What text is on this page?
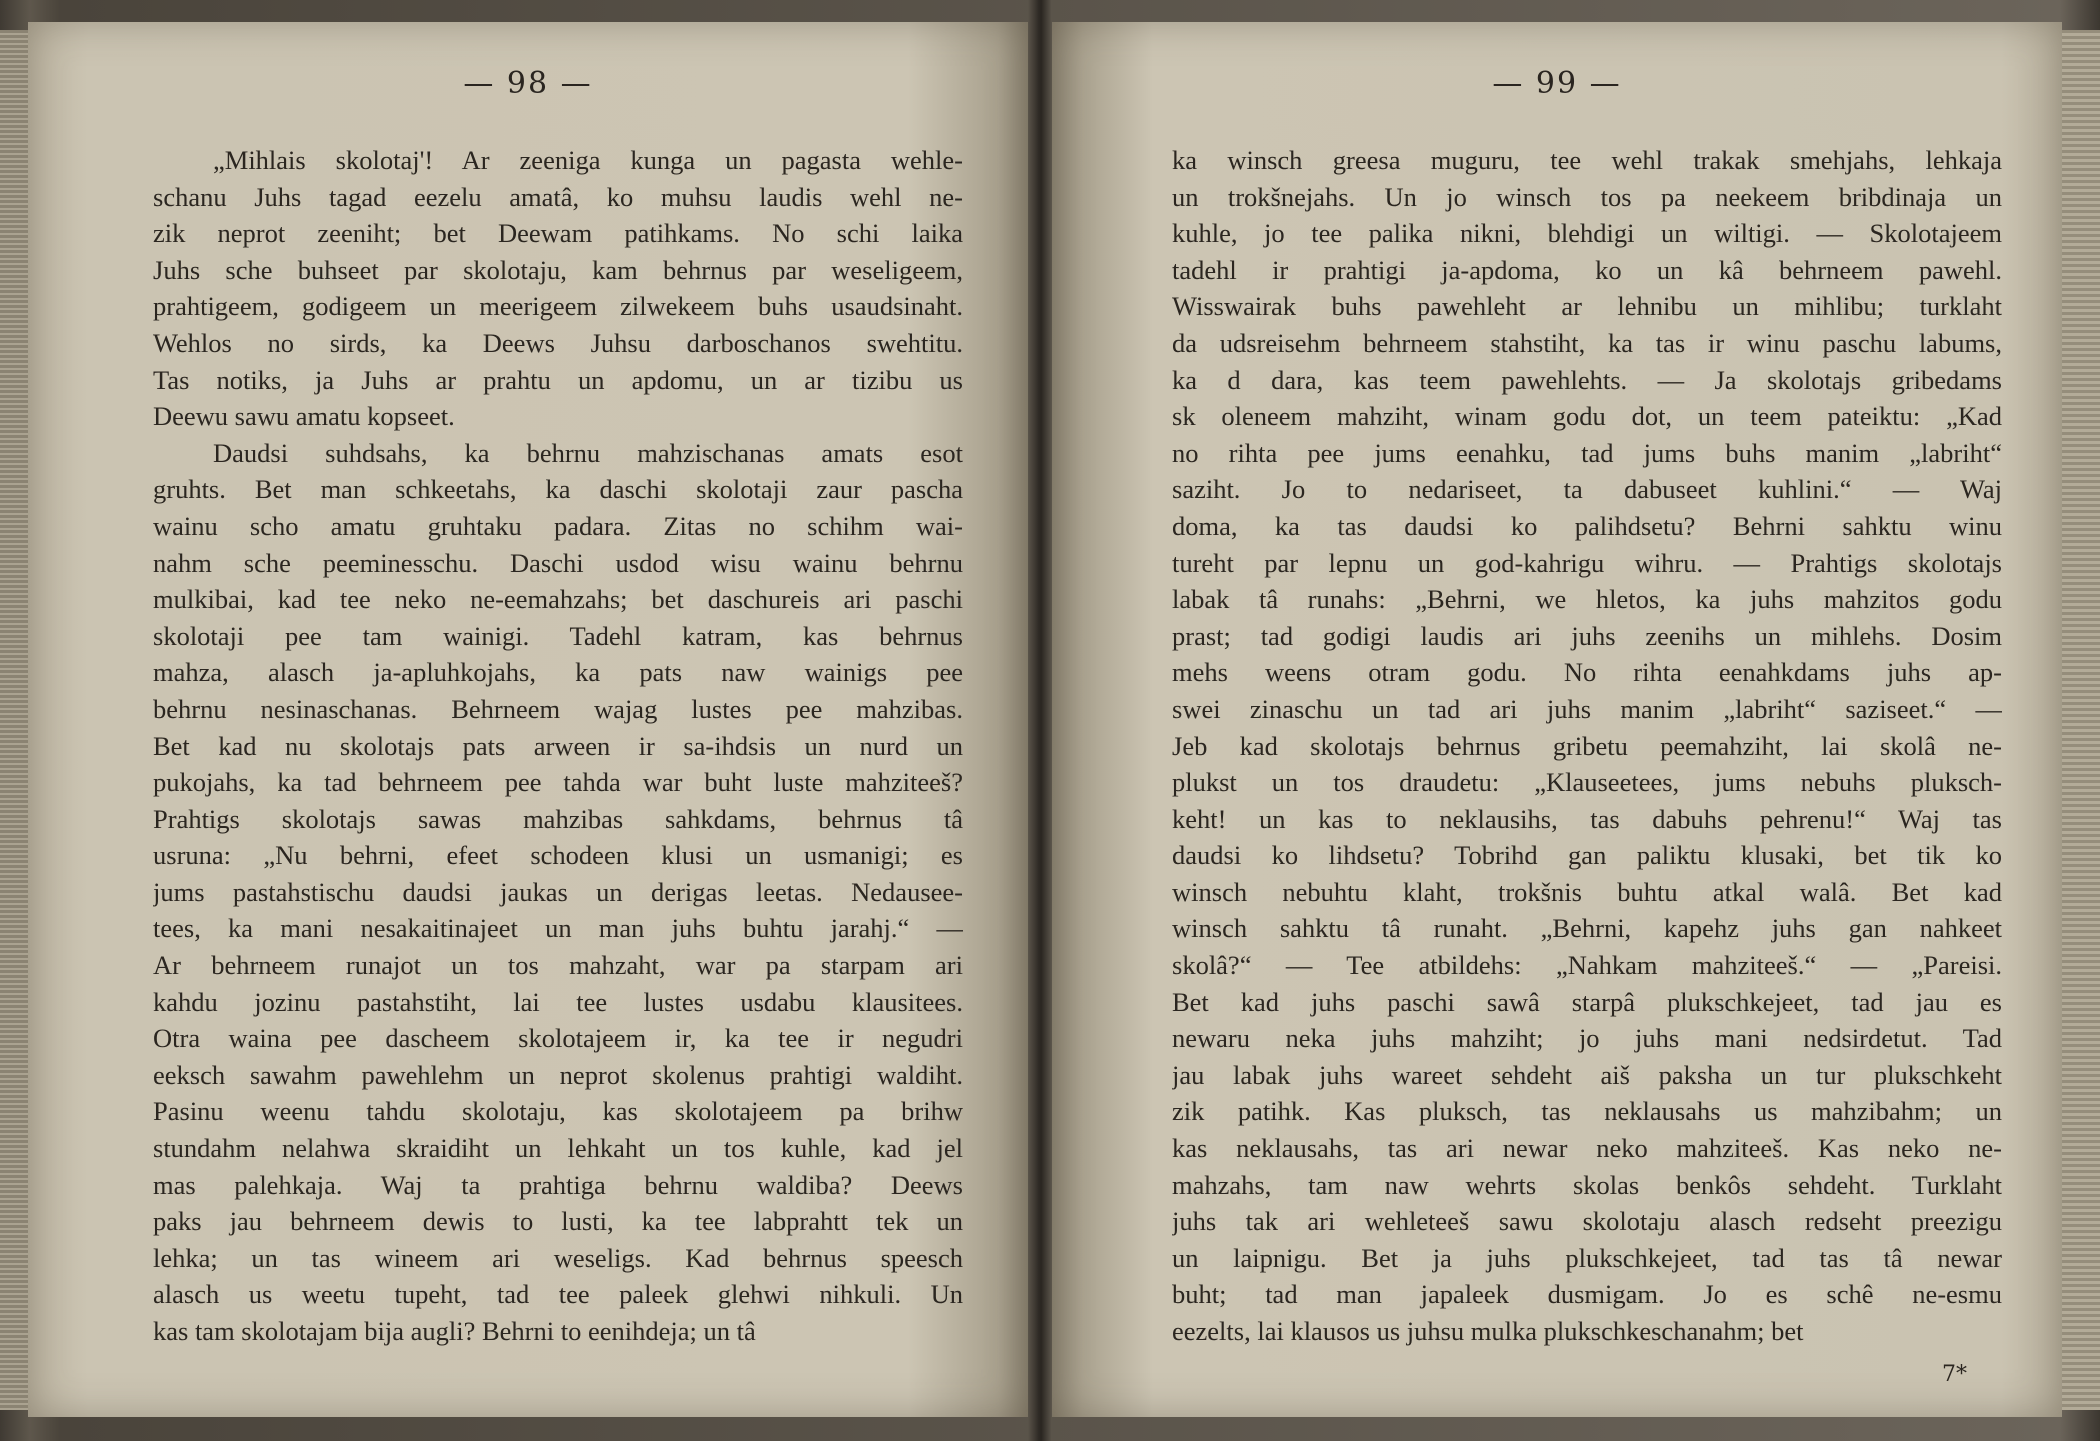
— 98 —
„Mihlais skolotaj'! Ar zeeniga kunga un pagasta wehle-
schanu Juhs tagad eezelu amatâ, ko muhsu laudis wehl ne-
zik neprot zeeniht; bet Deewam patihkams. No schi laika
Juhs sche buhseet par skolotaju, kam behrnus par weseligeem,
prahtigeem, godigeem un meerigeem zilwekeem buhs usaudsinaht.
Wehlos no sirds, ka Deews Juhsu darboschanos swehtitu.
Tas notiks, ja Juhs ar prahtu un apdomu, un ar tizibu us
Deewu sawu amatu kopseet.
Daudsi suhdsahs, ka behrnu mahzischanas amats esot
gruhts. Bet man schkeetahs, ka daschi skolotaji zaur pascha
wainu scho amatu gruhtaku padara. Zitas no schihm wai-
nahm sche peeminesschu. Daschi usdod wisu wainu behrnu
mulkibai, kad tee neko ne-eemahzahs; bet daschureis ari paschi
skolotaji pee tam wainigi. Tadehl katram, kas behrnus
mahza, alasch ja-apluhkojahs, ka pats naw wainigs pee
behrnu nesinaschanas. Behrneem wajag lustes pee mahzibas.
Bet kad nu skolotajs pats arween ir sa-ihdsis un nurd un
pukojahs, ka tad behrneem pee tahda war buht luste mahziteeš?
Prahtigs skolotajs sawas mahzibas sahkdams, behrnus tâ
usruna: „Nu behrni, efeet schodeen klusi un usmanigi; es
jums pastahstischu daudsi jaukas un derigas leetas. Nedausee-
tees, ka mani nesakaitinajeet un man juhs buhtu jarahj.“ —
Ar behrneem runajot un tos mahzaht, war pa starpam ari
kahdu jozinu pastahstiht, lai tee lustes usdabu klausitees.
Otra waina pee dascheem skolotajeem ir, ka tee ir negudri
eeksch sawahm pawehlehm un neprot skolenus prahtigi waldiht.
Pasinu weenu tahdu skolotaju, kas skolotajeem pa brihw
stundahm nelahwa skraidiht un lehkaht un tos kuhle, kad jel
mas palehkaja. Waj ta prahtiga behrnu waldiba? Deews
paks jau behrneem dewis to lusti, ka tee labprahtt tek un
lehka; un tas wineem ari weseligs. Kad behrnus speesch
alasch us weetu tupeht, tad tee paleek glehwi nihkuli. Un
kas tam skolotajam bija augli? Behrni to eenihdeja; un tâ
— 99 —
ka winsch greesa muguru, tee wehl trakak smehjahs, lehkaja
un trokšnejahs. Un jo winsch tos pa neekeem bribdinaja un
kuhle, jo tee palika nikni, blehdigi un wiltigi. — Skolotajeem
tadehl ir prahtigi ja-apdoma, ko un kâ behrneem pawehl.
Wisswairak buhs pawehleht ar lehnibu un mihlibu; turklaht
da udsreisehm behrneem stahstiht, ka tas ir winu paschu labums,
ka d dara, kas teem pawehlehts. — Ja skolotajs gribedams
sk oleneem mahziht, winam godu dot, un teem pateiktu: „Kad
no rihta pee jums eenahku, tad jums buhs manim „labriht“
saziht. Jo to nedariseet, ta dabuseet kuhlini.“ — Waj
doma, ka tas daudsi ko palihdsetu? Behrni sahktu winu
tureht par lepnu un god-kahrigu wihru. — Prahtigs skolotajs
labak tâ runahs: „Behrni, we hletos, ka juhs mahzitos godu
prast; tad godigi laudis ari juhs zeenihs un mihlehs. Dosim
mehs weens otram godu. No rihta eenahkdams juhs ap-
swei zinaschu un tad ari juhs manim „labriht“ saziseet.“ —
Jeb kad skolotajs behrnus gribetu peemahziht, lai skolâ ne-
plukst un tos draudetu: „Klauseetees, jums nebuhs pluksch-
keht! un kas to neklausihs, tas dabuhs pehrenu!“ Waj tas
daudsi ko lihdsetu? Tobrihd gan paliktu klusaki, bet tik ko
winsch nebuhtu klaht, trokšnis buhtu atkal walâ. Bet kad
winsch sahktu tâ runaht. „Behrni, kapehz juhs gan nahkeet
skolâ?“ — Tee atbildehs: „Nahkam mahziteeš.“ — „Pareisi.
Bet kad juhs paschi sawâ starpâ plukschkejeet, tad jau es
newaru neka juhs mahziht; jo juhs mani nedsirdetut. Tad
jau labak juhs wareet sehdeht aiš paksha un tur plukschkeht
zik patihk. Kas pluksch, tas neklausahs us mahzibahm; un
kas neklausahs, tas ari newar neko mahziteeš. Kas neko ne-
mahzahs, tam naw wehrts skolas benkôs sehdeht. Turklaht
juhs tak ari wehleteeš sawu skolotaju alasch redseht preezigu
un laipnigu. Bet ja juhs plukschkejeet, tad tas tâ newar
buht; tad man japaleek dusmigam. Jo es schê ne-esmu
eezelts, lai klausos us juhsu mulka plukschkeschanahm; bet
7*
